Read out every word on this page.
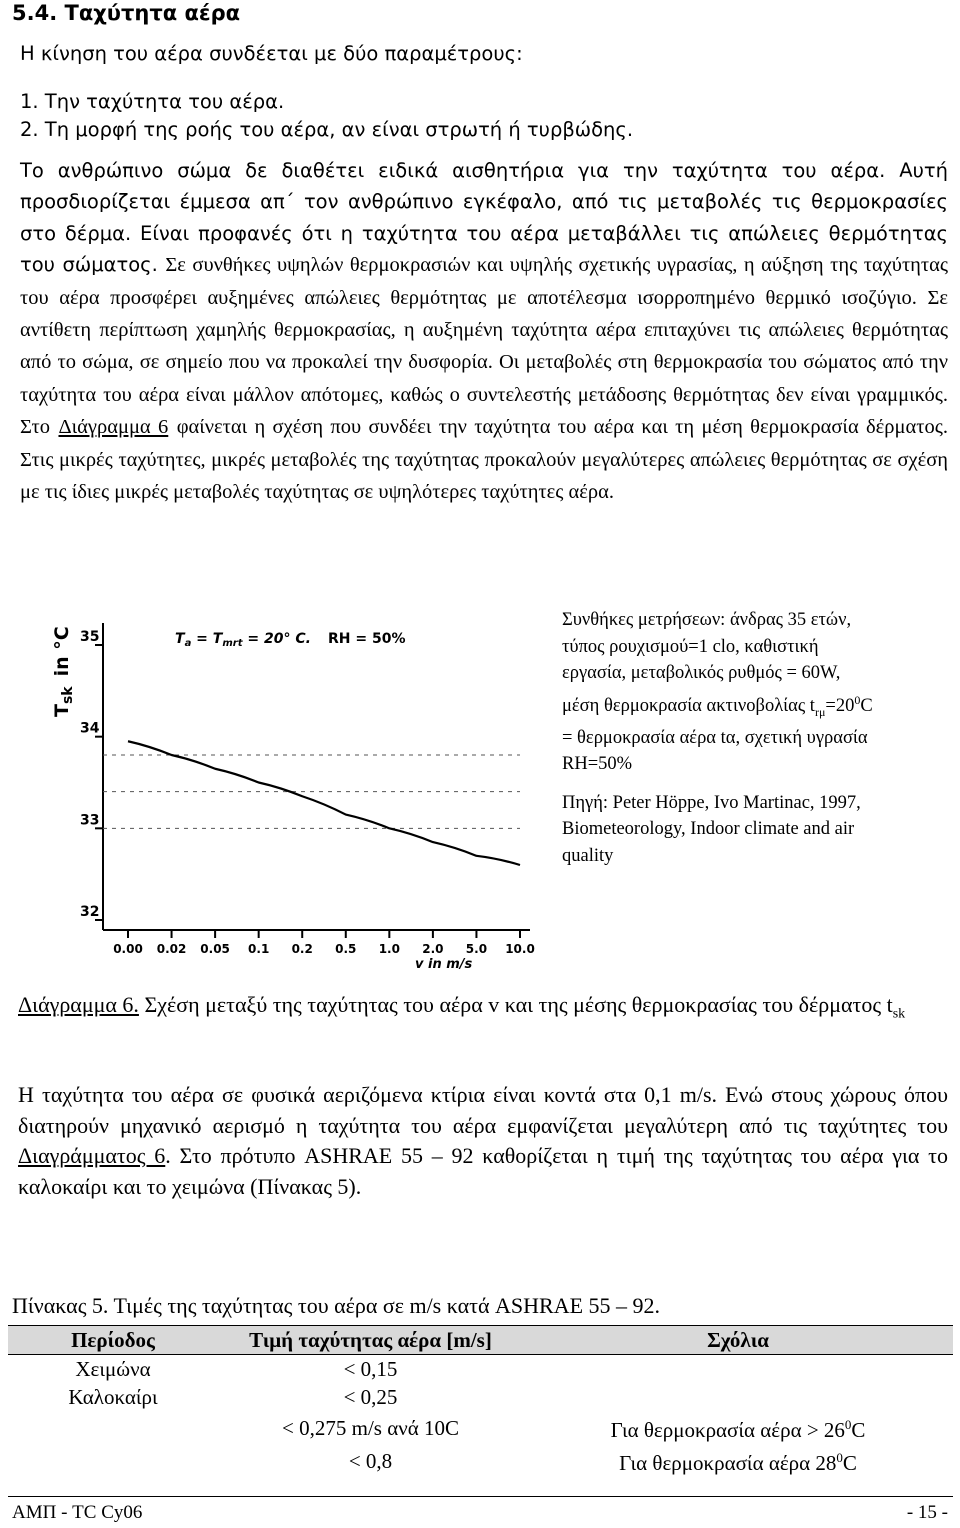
5.4. Ταχύτητα αέρα
Η κίνηση του αέρα συνδέεται με δύο παραμέτρους:
1. Την ταχύτητα του αέρα.
2. Τη μορφή της ροής του αέρα, αν είναι στρωτή ή τυρβώδης.
Το ανθρώπινο σώμα δε διαθέτει ειδικά αισθητήρια για την ταχύτητα του αέρα. Αυτή προσδιορίζεται έμμεσα απ΄ τον ανθρώπινο εγκέφαλο, από τις μεταβολές τις θερμοκρασίες στο δέρμα. Είναι προφανές ότι η ταχύτητα του αέρα μεταβάλλει τις απώλειες θερμότητας του σώματος. Σε συνθήκες υψηλών θερμοκρασιών και υψηλής σχετικής υγρασίας, η αύξηση της ταχύτητας του αέρα προσφέρει αυξημένες απώλειες θερμότητας με αποτέλεσμα ισορροπημένο θερμικό ισοζύγιο. Σε αντίθετη περίπτωση χαμηλής θερμοκρασίας, η αυξημένη ταχύτητα αέρα επιταχύνει τις απώλειες θερμότητας από το σώμα, σε σημείο που να προκαλεί την δυσφορία. Οι μεταβολές στη θερμοκρασία του σώματος από την ταχύτητα του αέρα είναι μάλλον απότομες, καθώς ο συντελεστής μετάδοσης θερμότητας δεν είναι γραμμικός. Στο Διάγραμμα 6 φαίνεται η σχέση που συνδέει την ταχύτητα του αέρα και τη μέση θερμοκρασία δέρματος. Στις μικρές ταχύτητες, μικρές μεταβολές της ταχύτητας προκαλούν μεγαλύτερες απώλειες θερμότητας σε σχέση με τις ίδιες μικρές μεταβολές ταχύτητας σε υψηλότερες ταχύτητες αέρα.
$T_{sk}in$ °C 35
34
33
32
0.00 0.02 0.05 0.1 0.2 0.5 1.0 2.0 5.0 10.0
$T_a = T_{mrt} = 20^\circ$ C. RH = 50%
v in m/s
Συνθήκες μετρήσεων: άνδρας 35 ετών,
τύπος ρουχισμού=1 clo, καθιστική
εργασία, μεταβολικός ρυθμός = 60W,
μέση θερμοκρασία ακτινοβολίας $t_{r\mu}=20^0C$
= θερμοκρασία αέρα tα, σχετική υγρασία
RH=50%
Πηγή: Peter Höppe, Ivo Martinac, 1997,
Biometeorology, Indoor climate and air
quality
Διάγραμμα 6. Σχέση μεταξύ της ταχύτητας του αέρα v και της μέσης θερμοκρασίας του δέρματος $t_{sk}$
Η ταχύτητα του αέρα σε φυσικά αεριζόμενα κτίρια είναι κοντά στα 0,1 m/s. Ενώ στους χώρους όπου διατηρούν μηχανικό αερισμό η ταχύτητα του αέρα εμφανίζεται μεγαλύτερη από τις ταχύτητες του Διαγράμματος 6. Στο πρότυπο ASHRAE 55 – 92 καθορίζεται η τιμή της ταχύτητας του αέρα για το καλοκαίρι και το χειμώνα (Πίνακας 5).
Πίνακας 5. Τιμές της ταχύτητας του αέρα σε m/s κατά ASHRAE 55 – 92.
Περίοδος	Τιμή ταχύτητας αέρα [m/s]	Σχόλια
Χειμώνα	< 0,15	
Καλοκαίρι	< 0,25	
	< 0,275 m/s ανά 10C	Για θερμοκρασία $\alpha έ\rho\alpha > 26^0C$
	< 0,8	Για θερμοκρασία αέρα $28^0C$
ΑΜΠ - TC Cy06	- 15 -
